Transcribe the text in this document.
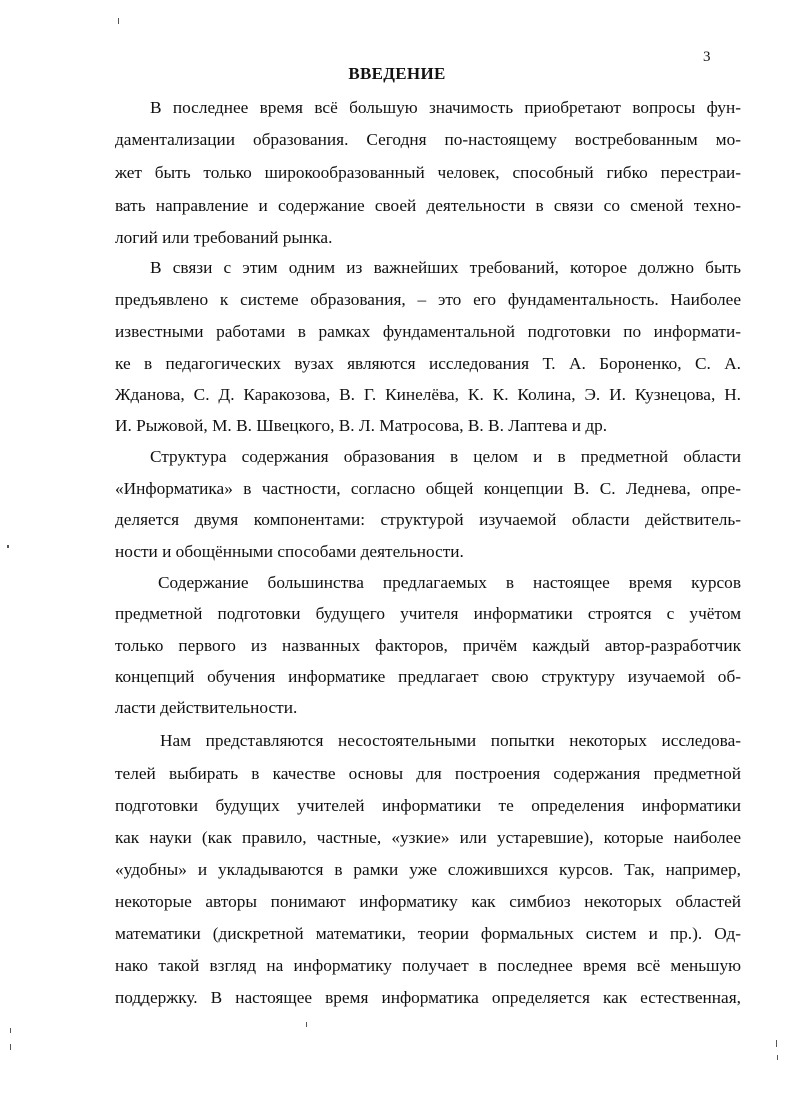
3
ВВЕДЕНИЕ
В последнее время всё большую значимость приобретают вопросы фун-
даментализации образования. Сегодня по-настоящему востребованным мо-
жет быть только широкообразованный человек, способный гибко перестраи-
вать направление и содержание своей деятельности в связи со сменой техно-
логий или требований рынка.
В связи с этим одним из важнейших требований, которое должно быть
предъявлено к системе образования, – это его фундаментальность. Наиболее
известными работами в рамках фундаментальной подготовки по информати-
ке в педагогических вузах являются исследования Т. А. Бороненко, С. А.
Жданова, С. Д. Каракозова, В. Г. Кинелёва, К. К. Колина, Э. И. Кузнецова, Н.
И. Рыжовой, М. В. Швецкого, В. Л. Матросова, В. В. Лаптева и др.
Структура содержания образования в целом и в предметной области
«Информатика» в частности, согласно общей концепции В. С. Леднева, опре-
деляется двумя компонентами: структурой изучаемой области действитель-
ности и обощёнными способами деятельности.
Содержание большинства предлагаемых в настоящее время курсов
предметной подготовки будущего учителя информатики строятся с учётом
только первого из названных факторов, причём каждый автор-разработчик
концепций обучения информатике предлагает свою структуру изучаемой об-
ласти действительности.
Нам представляются несостоятельными попытки некоторых исследова-
телей выбирать в качестве основы для построения содержания предметной
подготовки будущих учителей информатики те определения информатики
как науки (как правило, частные, «узкие» или устаревшие), которые наиболее
«удобны» и укладываются в рамки уже сложившихся курсов. Так, например,
некоторые авторы понимают информатику как симбиоз некоторых областей
математики (дискретной математики, теории формальных систем и пр.). Од-
нако такой взгляд на информатику получает в последнее время всё меньшую
поддержку. В настоящее время информатика определяется как естественная,
